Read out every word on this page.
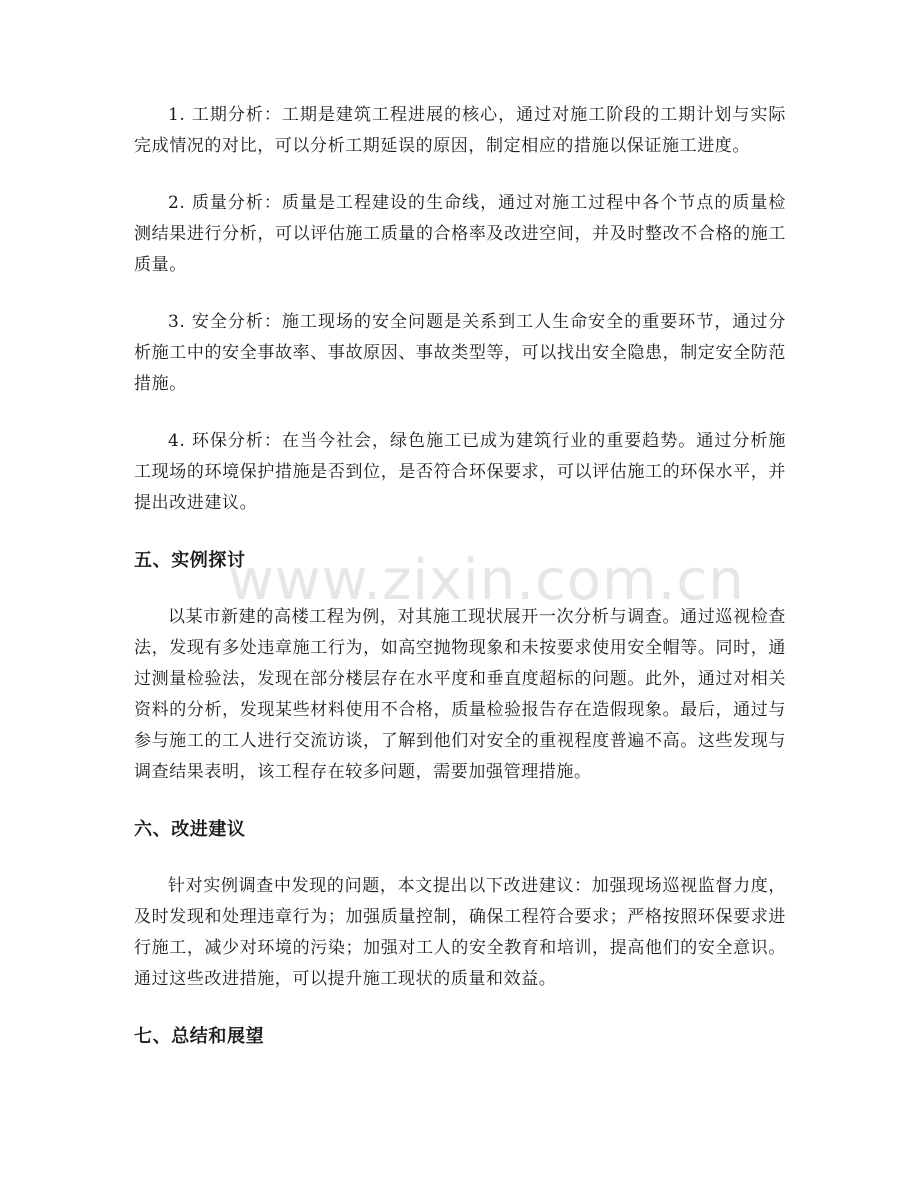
1. 工期分析：工期是建筑工程进展的核心，通过对施工阶段的工期计划与实际完成情况的对比，可以分析工期延误的原因，制定相应的措施以保证施工进度。

2. 质量分析：质量是工程建设的生命线，通过对施工过程中各个节点的质量检测结果进行分析，可以评估施工质量的合格率及改进空间，并及时整改不合格的施工质量。

3. 安全分析：施工现场的安全问题是关系到工人生命安全的重要环节，通过分析施工中的安全事故率、事故原因、事故类型等，可以找出安全隐患，制定安全防范措施。

4. 环保分析：在当今社会，绿色施工已成为建筑行业的重要趋势。通过分析施工现场的环境保护措施是否到位，是否符合环保要求，可以评估施工的环保水平，并提出改进建议。

五、实例探讨

以某市新建的高楼工程为例，对其施工现状展开一次分析与调查。通过巡视检查法，发现有多处违章施工行为，如高空抛物现象和未按要求使用安全帽等。同时，通过测量检验法，发现在部分楼层存在水平度和垂直度超标的问题。此外，通过对相关资料的分析，发现某些材料使用不合格，质量检验报告存在造假现象。最后，通过与参与施工的工人进行交流访谈，了解到他们对安全的重视程度普遍不高。这些发现与调查结果表明，该工程存在较多问题，需要加强管理措施。

六、改进建议

针对实例调查中发现的问题，本文提出以下改进建议：加强现场巡视监督力度，及时发现和处理违章行为；加强质量控制，确保工程符合要求；严格按照环保要求进行施工，减少对环境的污染；加强对工人的安全教育和培训，提高他们的安全意识。通过这些改进措施，可以提升施工现状的质量和效益。

七、总结和展望
www.zixin.com.cn
